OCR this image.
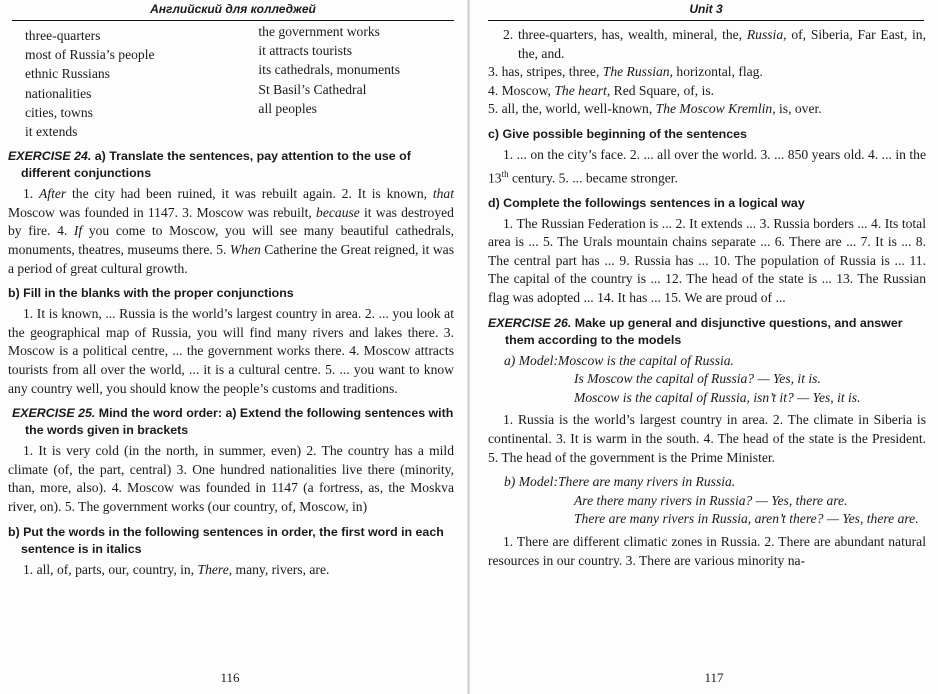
Английский для колледжей
three-quarters
most of Russia’s people
ethnic Russians
nationalities
cities, towns
it extends

the government works
it attracts tourists
its cathedrals, monuments
St Basil’s Cathedral
all peoples
EXERCISE 24. a) Translate the sentences, pay attention to the use of different conjunctions

1. After the city had been ruined, it was rebuilt again. 2. It is known, that Moscow was founded in 1147. 3. Moscow was rebuilt, because it was destroyed by fire. 4. If you come to Moscow, you will see many beautiful cathedrals, monuments, theatres, museums there. 5. When Catherine the Great reigned, it was a period of great cultural growth.

b) Fill in the blanks with the proper conjunctions

1. It is known, ... Russia is the world’s largest country in area. 2. ... you look at the geographical map of Russia, you will find many rivers and lakes there. 3. Moscow is a political centre, ... the government works there. 4. Moscow attracts tourists from all over the world, ... it is a cultural centre. 5. ... you want to know any country well, you should know the people’s customs and traditions.

EXERCISE 25. Mind the word order: a) Extend the following sentences with the words given in brackets

1. It is very cold (in the north, in summer, even) 2. The country has a mild climate (of, the part, central) 3. One hundred nationalities live there (minority, than, more, also). 4. Moscow was founded in 1147 (a fortress, as, the Moskva river, on). 5. The government works (our country, of, Moscow, in)

b) Put the words in the following sentences in order, the first word in each sentence is in italics

1. all, of, parts, our, country, in, There, many, rivers, are.

116
Unit 3

2. three-quarters, has, wealth, mineral, the, Russia, of, Siberia, Far East, in, the, and.

3. has, stripes, three, The Russian, horizontal, flag.

4. Moscow, The heart, Red Square, of, is.

5. all, the, world, well-known, The Moscow Kremlin, is, over.

c) Give possible beginning of the sentences

1. ... on the city’s face. 2. ... all over the world. 3. ... 850 years old. 4. ... in the 13th century. 5. ... became stronger.

d) Complete the followings sentences in a logical way

1. The Russian Federation is ... 2. It extends ... 3. Russia borders ... 4. Its total area is ... 5. The Urals mountain chains separate ... 6. There are ... 7. It is ... 8. The central part has ... 9. Russia has ... 10. The population of Russia is ... 11. The capital of the country is ... 12. The head of the state is ... 13. The Russian flag was adopted ... 14. It has ... 15. We are proud of ...

EXERCISE 26. Make up general and disjunctive questions, and answer them according to the models
a) Model:Moscow is the capital of Russia.
Is Moscow the capital of Russia? — Yes, it is.
Moscow is the capital of Russia, isn’t it? — Yes, it is.

1. Russia is the world’s largest country in area. 2. The climate in Siberia is continental. 3. It is warm in the south. 4. The head of the state is the President. 5. The head of the government is the Prime Minister.

b) Model:There are many rivers in Russia.
Are there many rivers in Russia? — Yes, there are.
There are many rivers in Russia, aren’t there? — Yes, there are.

1. There are different climatic zones in Russia. 2. There are abundant natural resources in our country. 3. There are various minority na-

117
